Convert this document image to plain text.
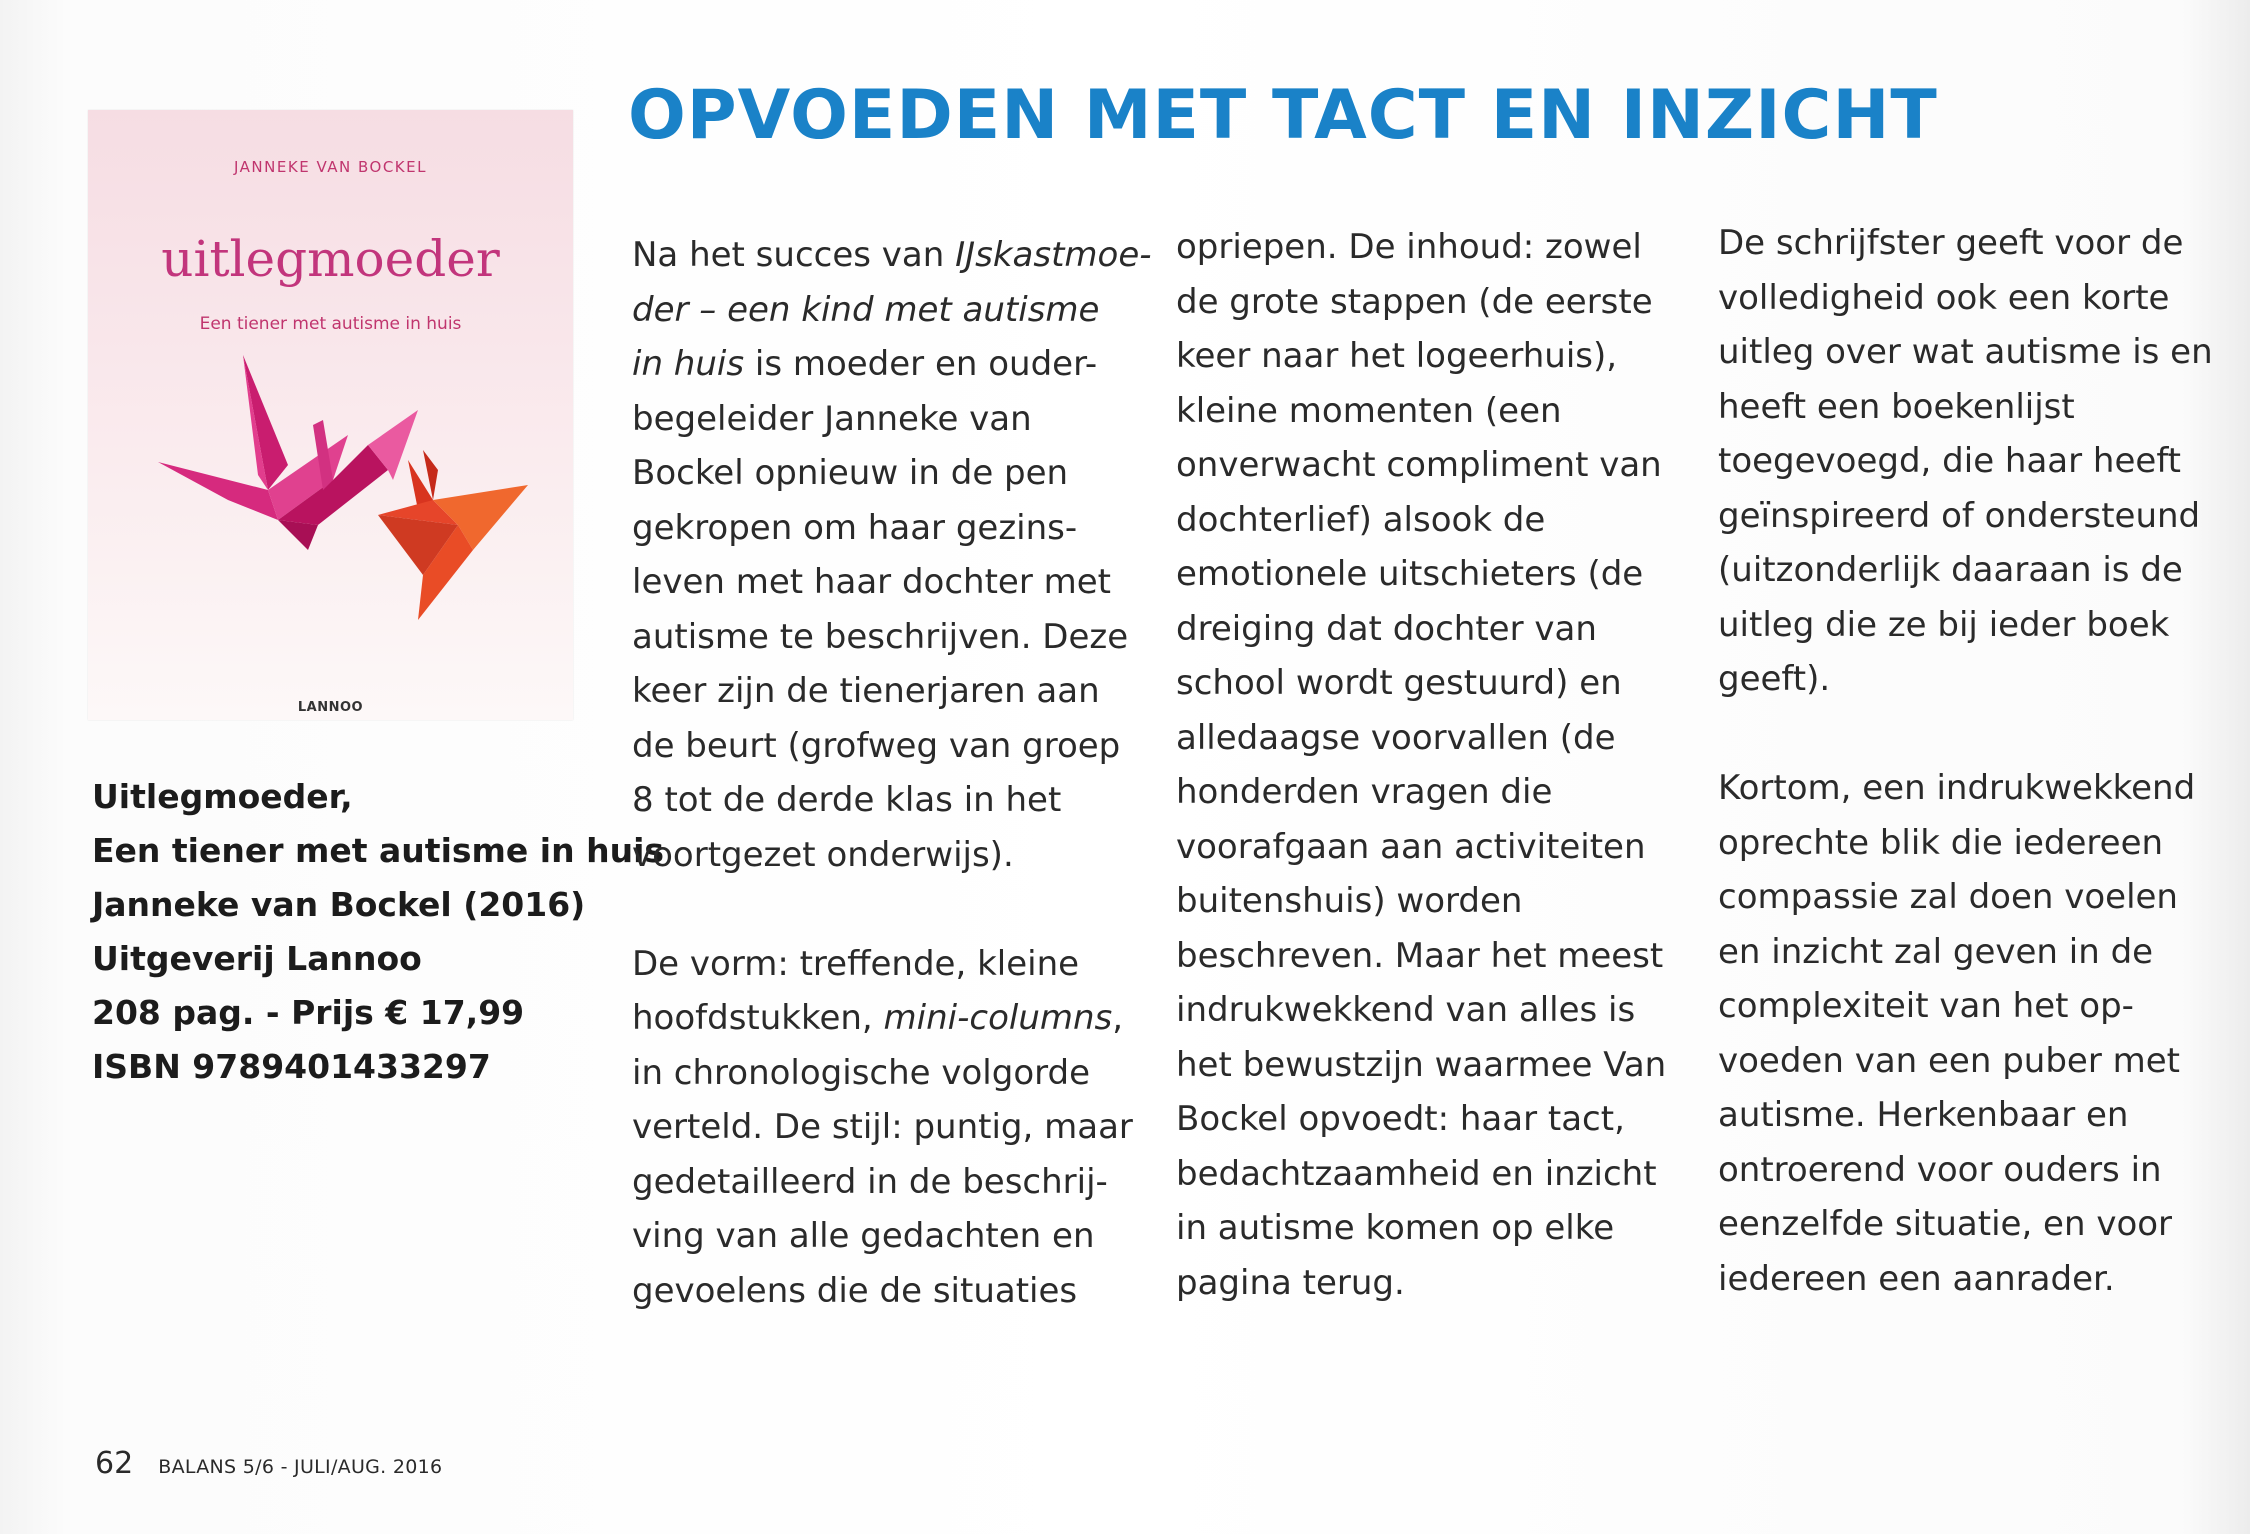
OPVOEDEN MET TACT EN INZICHT
JANNEKE VAN BOCKEL
uitlegmoeder
Een tiener met autisme in huis
LANNOO
Uitlegmoeder,
Een tiener met autisme in huis
Janneke van Bockel (2016)
Uitgeverij Lannoo
208 pag. - Prijs € 17,99
ISBN 9789401433297
Na het succes van IJskastmoe-
der – een kind met autisme
in huis is moeder en ouder-
begeleider Janneke van
Bockel opnieuw in de pen
gekropen om haar gezins-
leven met haar dochter met
autisme te beschrijven. Deze
keer zijn de tienerjaren aan
de beurt (grofweg van groep
8 tot de derde klas in het
voortgezet onderwijs).
De vorm: treffende, kleine
hoofdstukken, mini-columns,
in chronologische volgorde
verteld. De stijl: puntig, maar
gedetailleerd in de beschrij-
ving van alle gedachten en
gevoelens die de situaties
opriepen. De inhoud: zowel
de grote stappen (de eerste
keer naar het logeerhuis),
kleine momenten (een
onverwacht compliment van
dochterlief) alsook de
emotionele uitschieters (de
dreiging dat dochter van
school wordt gestuurd) en
alledaagse voorvallen (de
honderden vragen die
voorafgaan aan activiteiten
buitenshuis) worden
beschreven. Maar het meest
indrukwekkend van alles is
het bewustzijn waarmee Van
Bockel opvoedt: haar tact,
bedachtzaamheid en inzicht
in autisme komen op elke
pagina terug.
De schrijfster geeft voor de
volledigheid ook een korte
uitleg over wat autisme is en
heeft een boekenlijst
toegevoegd, die haar heeft
geïnspireerd of ondersteund
(uitzonderlijk daaraan is de
uitleg die ze bij ieder boek
geeft).
Kortom, een indrukwekkend
oprechte blik die iedereen
compassie zal doen voelen
en inzicht zal geven in de
complexiteit van het op-
voeden van een puber met
autisme. Herkenbaar en
ontroerend voor ouders in
eenzelfde situatie, en voor
iedereen een aanrader.
62 BALANS 5/6 - JULI/AUG. 2016
